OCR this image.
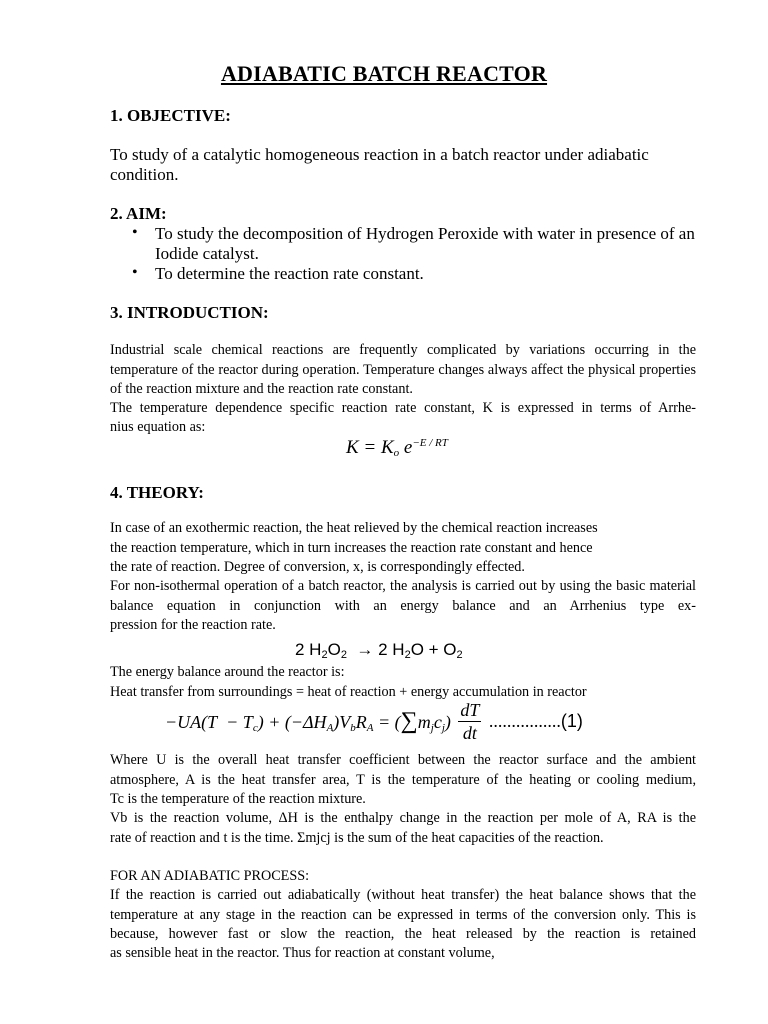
ADIABATIC BATCH REACTOR
1. OBJECTIVE:
To study of a catalytic homogeneous reaction in a batch reactor under adiabatic condition.
2. AIM:
• To study the decomposition of Hydrogen Peroxide with water in presence of an Iodide catalyst.
• To determine the reaction rate constant.
3. INTRODUCTION:
Industrial scale chemical reactions are frequently complicated by variations occurring in the temperature of the reactor during operation. Temperature changes always affect the physical properties of the reaction mixture and the reaction rate constant.
The temperature dependence specific reaction rate constant, K is expressed in terms of Arrhe-
nius equation as:
$K = K_o$ $e^{-E / RT}$
4. THEORY:
In case of an exothermic reaction, the heat relieved by the chemical reaction increases
the reaction temperature, which in turn increases the reaction rate constant and hence
the rate of reaction. Degree of conversion, x, is correspondingly effected.
For non-isothermal operation of a batch reactor, the analysis is carried out by using the basic material balance equation in conjunction with an energy balance and an Arrhenius type ex-
pression for the reaction rate.
2 $H_2O_2 \to 2$ $H_2O + O_2$
The energy balance around the reactor is:
Heat transfer from surroundings = heat of reaction + energy accumulation in reactor
$-UA(T - T_c) + (-\Delta H_A)V_bR_A = (\sum m_jc_j) \frac{dT}{dt} ................(1)$
Where U is the overall heat transfer coefficient between the reactor surface and the ambient atmosphere, A is the heat transfer area, T is the temperature of the heating or cooling medium,
Tc is the temperature of the reaction mixture.
Vb is the reaction volume, ΔH is the enthalpy change in the reaction per mole of A, RA is the
rate of reaction and t is the time. Σmjcj is the sum of the heat capacities of the reaction.
FOR AN ADIABATIC PROCESS:
If the reaction is carried out adiabatically (without heat transfer) the heat balance shows that the temperature at any stage in the reaction can be expressed in terms of the conversion only. This is because, however fast or slow the reaction, the heat released by the reaction is retained
as sensible heat in the reactor. Thus for reaction at constant volume,
